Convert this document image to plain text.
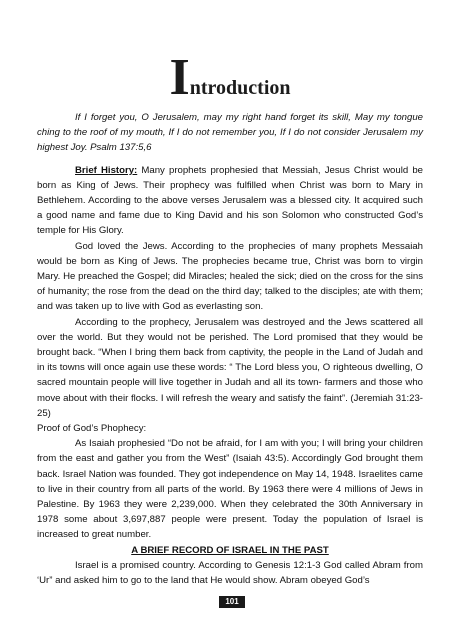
Introduction

If I forget you, O Jerusalem, may my right hand forget its skill, May my tongue ching to the roof of my mouth, If I do not remember you, If I do not consider Jerusalem my highest Joy. Psalm 137:5,6

Brief History: Many prophets prophesied that Messiah, Jesus Christ would be born as King of Jews. Their prophecy was fulfilled when Christ was born to Mary in Bethlehem. According to the above verses Jerusalem was a blessed city. It acquired such a good name and fame due to King David and his son Solomon who constructed God’s temple for His Glory.

God loved the Jews. According to the prophecies of many prophets Messaiah would be born as King of Jews. The prophecies became true, Christ was born to virgin Mary. He preached the Gospel; did Miracles; healed the sick; died on the cross for the sins of humanity; the rose from the dead on the third day; talked to the disciples; ate with them; and was taken up to live with God as everlasting son.

According to the prophecy, Jerusalem was destroyed and the Jews scattered all over the world. But they would not be perished. The Lord promised that they would be brought back. “When I bring them back from captivity, the people in the Land of Judah and in its towns will once again use these words: “ The Lord bless you, O righteous dwelling, O sacred mountain people will live together in Judah and all its town- farmers and those who move about with their flocks. I will refresh the weary and satisfy the faint”. (Jeremiah 31:23-25)

Proof of God’s Phophecy:

As Isaiah prophesied “Do not be afraid, for I am with you; I will bring your children from the east and gather you from the West” (Isaiah 43:5). Accordingly God brought them back. Israel Nation was founded. They got independence on May 14, 1948. Israelites came to live in their country from all parts of the world. By 1963 there were 4 millions of Jews in Palestine. By 1963 they were 2,239,000. When they celebrated the 30th Anniversary in 1978 some about 3,697,887 people were present. Today the population of Israel is increased to great number.

A BRIEF RECORD OF ISRAEL IN THE PAST

Israel is a promised country. According to Genesis 12:1-3 God called Abram from ‘Ur” and asked him to go to the land that He would show. Abram obeyed God’s

101
